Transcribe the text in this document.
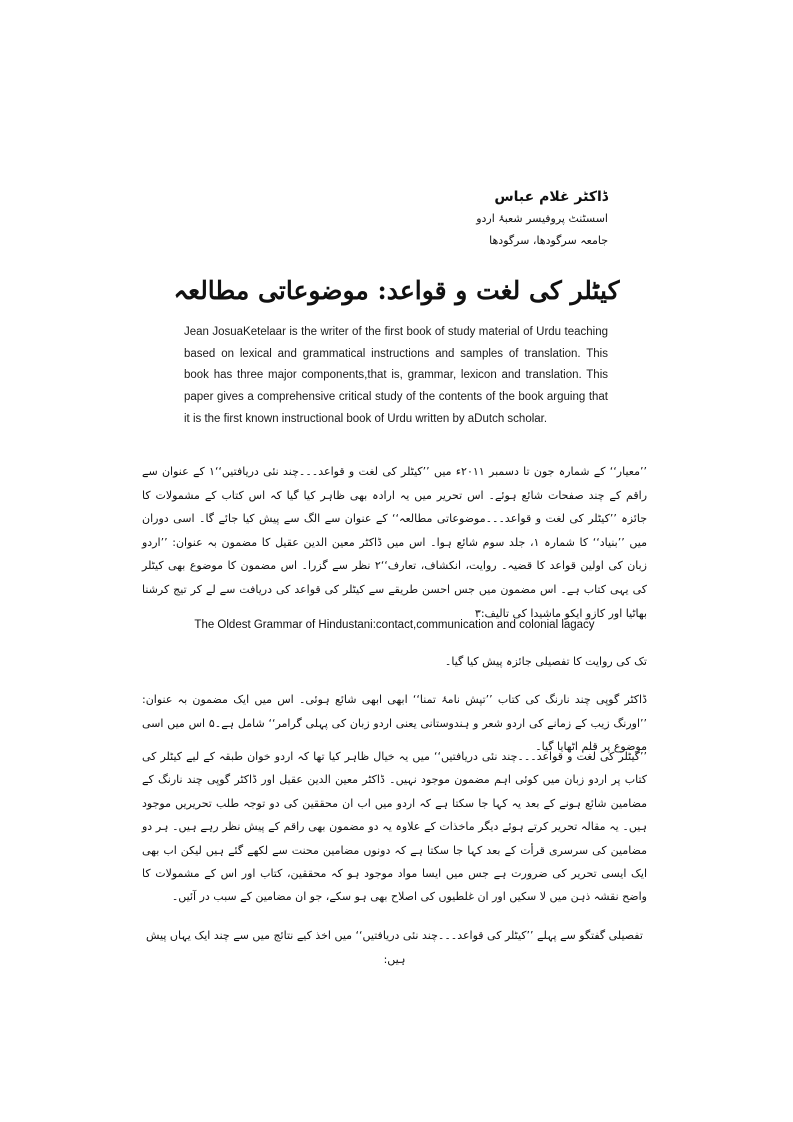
ڈاکٹر غلام عباس
اسسٹنٹ پروفیسر شعبۂ اردو
جامعہ سرگودھا، سرگودھا
کیٹلر کی لغت و قواعد: موضوعاتی مطالعہ
Jean JosuaKetelaar is the writer of the first book of study material of Urdu teaching based on lexical and grammatical instructions and samples of translation. This book has three major components,that is, grammar, lexicon and translation. This paper gives a comprehensive critical study of the contents of the book arguing that it is the first known instructional book of Urdu written by aDutch scholar.
’’معیار‘‘ کے شمارہ جون تا دسمبر ۲۰۱۱ء میں ’’کیٹلر کی لغت و قواعد۔۔۔چند نئی دریافتیں‘‘۱ کے عنوان سے راقم کے چند صفحات شائع ہوئے۔ اس تحریر میں یہ ارادہ بھی ظاہر کیا گیا کہ اس کتاب کے مشمولات کا جائزہ ’’کیٹلر کی لغت و قواعد۔۔۔موضوعاتی مطالعہ‘‘ کے عنوان سے الگ سے پیش کیا جائے گا۔ اسی دوران میں ’’بنیاد‘‘ کا شمارہ ۱، جلد سوم شائع ہوا۔ اس میں ڈاکٹر معین الدین عقیل کا مضمون بہ عنوان: ’’اردو زبان کی اولین قواعد کا قضیہ۔ روایت، انکشاف، تعارف‘‘۲ نظر سے گزرا۔ اس مضمون کا موضوع بھی کیٹلر کی یہی کتاب ہے۔ اس مضمون میں جس احسن طریقے سے کیٹلر کی قواعد کی دریافت سے لے کر تیج کرشنا بھاٹیا اور کازو ایکو ماشیدا کی تالیف:۳
The Oldest Grammar of Hindustani:contact,communication and colonial lagacy
تک کی روایت کا تفصیلی جائزہ پیش کیا گیا۔
ڈاکٹر گوپی چند نارنگ کی کتاب ’’تپش نامۂ تمنا‘‘ ابھی ابھی شائع ہوئی۔ اس میں ایک مضمون بہ عنوان: ’’اورنگ زیب کے زمانے کی اردو شعر و ہندوستانی یعنی اردو زبان کی پہلی گرامر‘‘ شامل ہے۔۵ اس میں اسی موضوع پر قلم اٹھایا گیا۔
’’کیٹلر کی لغت و قواعد۔۔۔چند نئی دریافتیں‘‘ میں یہ خیال ظاہر کیا تھا کہ اردو خوان طبقہ کے لیے کیٹلر کی کتاب پر اردو زبان میں کوئی اہم مضمون موجود نہیں۔ ڈاکٹر معین الدین عقیل اور ڈاکٹر گوپی چند نارنگ کے مضامین شائع ہونے کے بعد یہ کہا جا سکتا ہے کہ اردو میں اب ان محققین کی دو توجہ طلب تحریریں موجود ہیں۔ یہ مقالہ تحریر کرتے ہوئے دیگر ماخذات کے علاوہ یہ دو مضمون بھی راقم کے پیش نظر رہے ہیں۔ ہر دو مضامین کی سرسری قرأت کے بعد کہا جا سکتا ہے کہ دونوں مضامین محنت سے لکھے گئے ہیں لیکن اب بھی ایک ایسی تحریر کی ضرورت ہے جس میں ایسا مواد موجود ہو کہ محققین، کتاب اور اس کے مشمولات کا واضح نقشہ ذہن میں لا سکیں اور ان غلطیوں کی اصلاح بھی ہو سکے، جو ان مضامین کے سبب در آئیں۔
تفصیلی گفتگو سے پہلے ’’کیٹلر کی قواعد۔۔۔چند نئی دریافتیں‘‘ میں اخذ کیے نتائج میں سے چند ایک یہاں پیش ہیں:
